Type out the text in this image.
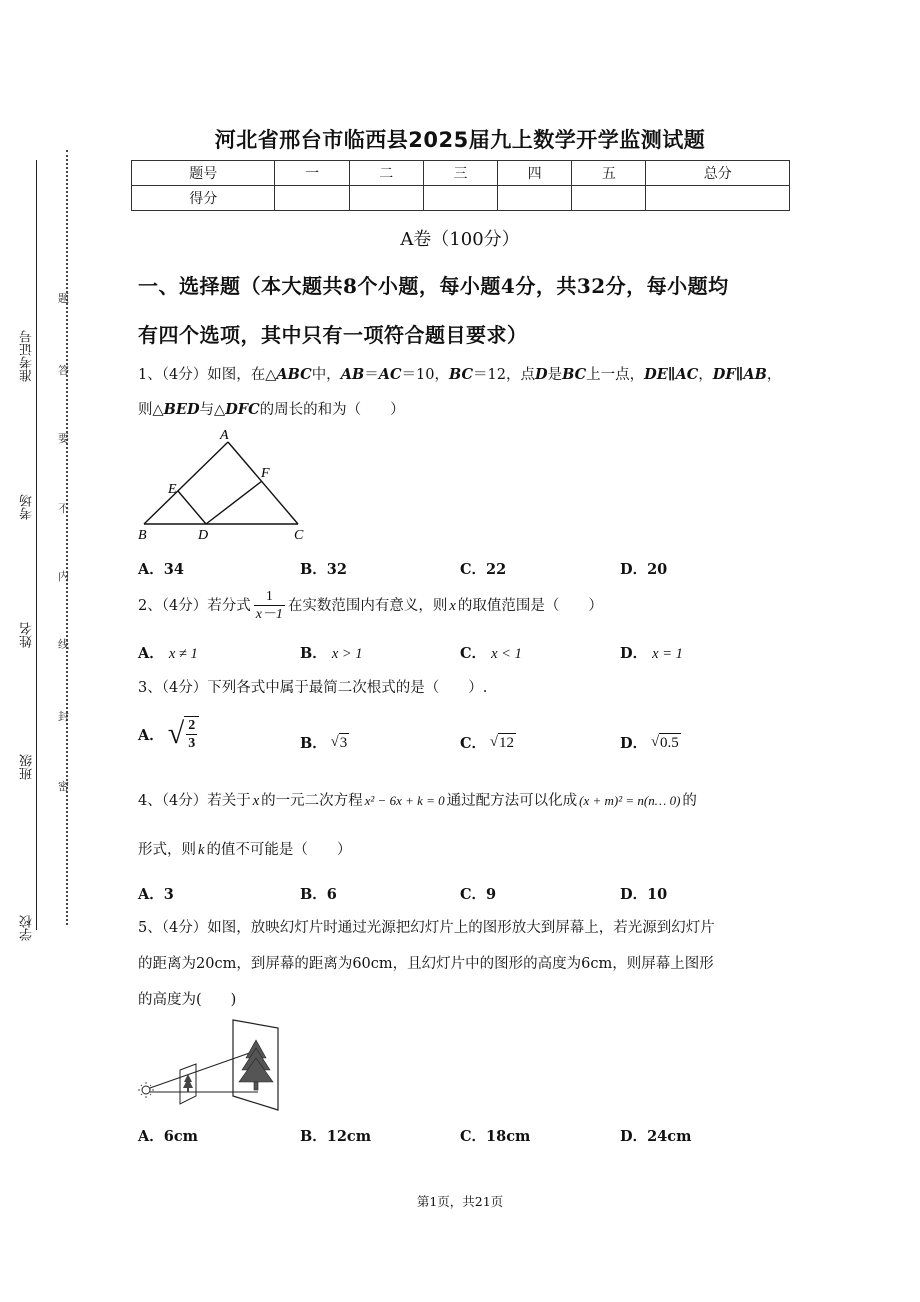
准考证号
考场
姓名
班级
学校
题
答
要
不
内
线
封
密
河北省邢台市临西县2025届九上数学开学监测试题
题号	一	二	三	四	五	总分
得分						
A卷（100分）
一、选择题（本大题共8个小题，每小题4分，共32分，每小题均
有四个选项，其中只有一项符合题目要求）
1、（4分）如图，在△ABC中，AB＝AC＝10，BC＝12，点D是BC上一点，DE∥AC，DF∥AB，
则△BED与△DFC的周长的和为（　　）
A
B	C
D
E
F
A．34	B．32	C．22	D．20
2、（4分）若分式 $\frac{1}{x-1}$ 在实数范围内有意义，则 x 的取值范围是（　　）
A． x ≠ 1	B． x > 1	C． x < 1	D． x = 1
3、（4分）下列各式中属于最简二次根式的是（　　）.
A． √ $\frac{2}{3}$	B． √ 3	C． √ 12	D． √ 0.5
4、（4分）若关于 x 的一元二次方程 x² − 6x + k = 0 通过配方法可以化成 (x + m)² = n(n… 0) 的
形式，则 k 的值不可能是（　　）
A．3	B．6	C．9	D．10
5、（4分）如图，放映幻灯片时通过光源把幻灯片上的图形放大到屏幕上，若光源到幻灯片
的距离为20cm，到屏幕的距离为60cm，且幻灯片中的图形的高度为6cm，则屏幕上图形
的高度为(　　)
A．6cm	B．12cm	C．18cm	D．24cm
第1页，共21页
